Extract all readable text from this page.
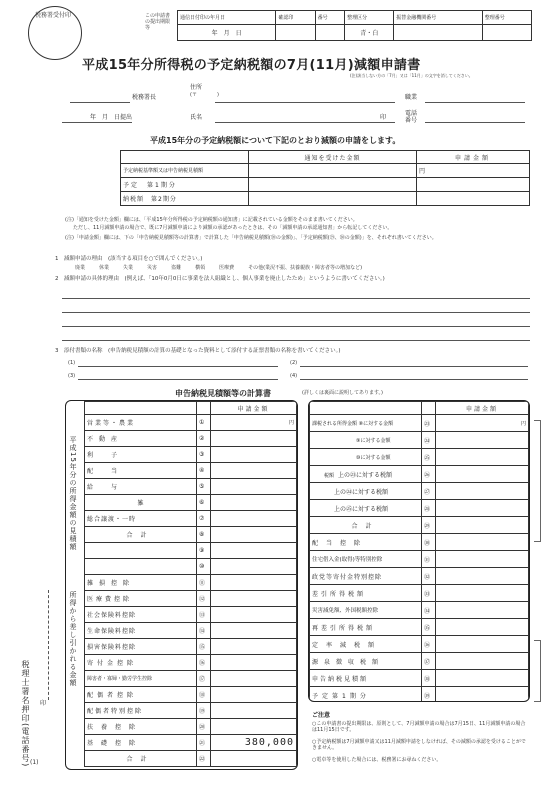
税務署受付印	この申請書の提出期限等
通信日付印の年月日	確認印	番号	整理区分	振替金融機関番号	整理番号
年　月　日			青・白		
平成15年分所得税の予定納税額の7月(11月)減額申請書
(注)該当しない方の「7月」又は「11月」の文字を消してください。
税務署長
住所
(〒　　　　)	職業
年　月　日提出	氏名	印
電話番号
平成15年分の予定納税額について下記のとおり減額の申請をします。
	通知を受けた金額	申請金額
予定納税基準額又は申告納税見積額		円
予定　第1期分		
納税額　第2期分		
(注)「通知を受けた金額」欄には、「平成15年分所得税の予定納税額の通知書」に記載されている金額をそのまま書いてください。
ただし、11月減額申請の場合で、既に7月減額申請により減額の承認があったときは、その「減額申請の承認通知書」から転記してください。
(注)「申請金額」欄には、下の「申告納税見積額等の計算書」で計算した「申告納税見積額(⑳の金額)」、「予定納税額(㉙、㉚の金額)」を、それぞれ書いてください。
1　減額申請の理由　(該当する項目を○で囲んでください。)
廃業	休業	失業	災害	盗難	横領	医療費	その他(業況不振、扶養親族・障害者等の増加など)
2　減額申請の具体的理由　(例えば、「10年0月0日に事業を法人組織とし、個人事業を廃止したため」というように書いてください。)
3　添付書類の名称　(申告納税見積額の計算の基礎となった資料として添付する証票書類の名称を書いてください。)
(1)	(2)
(3)	(4)
申告納税見積額等の計算書	(詳しくは裏面に説明してあります。)
平成15年分の所得金額の見積額
所得から差し引かれる金額
		申請金額
営業等・農業	①	円
不動産	②	
利子	③	
配当	④	
給与	⑤	
雑	⑥	
総合譲渡・一時	⑦	
合計	⑧	
	⑨	
	⑩	
雑損控除	⑪	
医療費控除	⑫	
社会保険料控除	⑬	
生命保険料控除	⑭	
損害保険料控除	⑮	
寄付金控除	⑯	
障害者・寡婦・勤労学生控除	⑰	
配偶者控除	⑱	
配偶者特別控除	⑲	
扶養控除	⑳	
基礎控除	㉑	380,000
合計	㉒	
		申請金額
課税される所得金額 ⑧に対する金額	㉓	円
⑨に対する金額	㉔	
⑩に対する金額	㉕	
税額 上の㉓に対する税額	㉖	
上の㉔に対する税額	㉗	
上の㉕に対する税額	㉘	
合計	㉙	
配当控除	㉚	
住宅借入金(取得)等特別控除	㉛	
政党等寄付金特別控除	㉜	
差引所得税額	㉝	
災害減免額、外国税額控除	㉞	
再差引所得税額	㉟	
定率減税額	㊱	
源泉徴収税額	㊲	
申告納税見積額	㊳	
予定第1期分	㊴	

ご注意
○この申請書の提出期限は、原則として、7月減額申請の場合は7月15日、11月減額申請の場合は11月15日です。
○予定納税額は7月減額申請又は11月減額申請をしなければ、その減額の承認を受けることができません。
○電卓等を使用した場合には、税務署にお尋ねください。
税理士署名押印(電話番号) 印
(1)
